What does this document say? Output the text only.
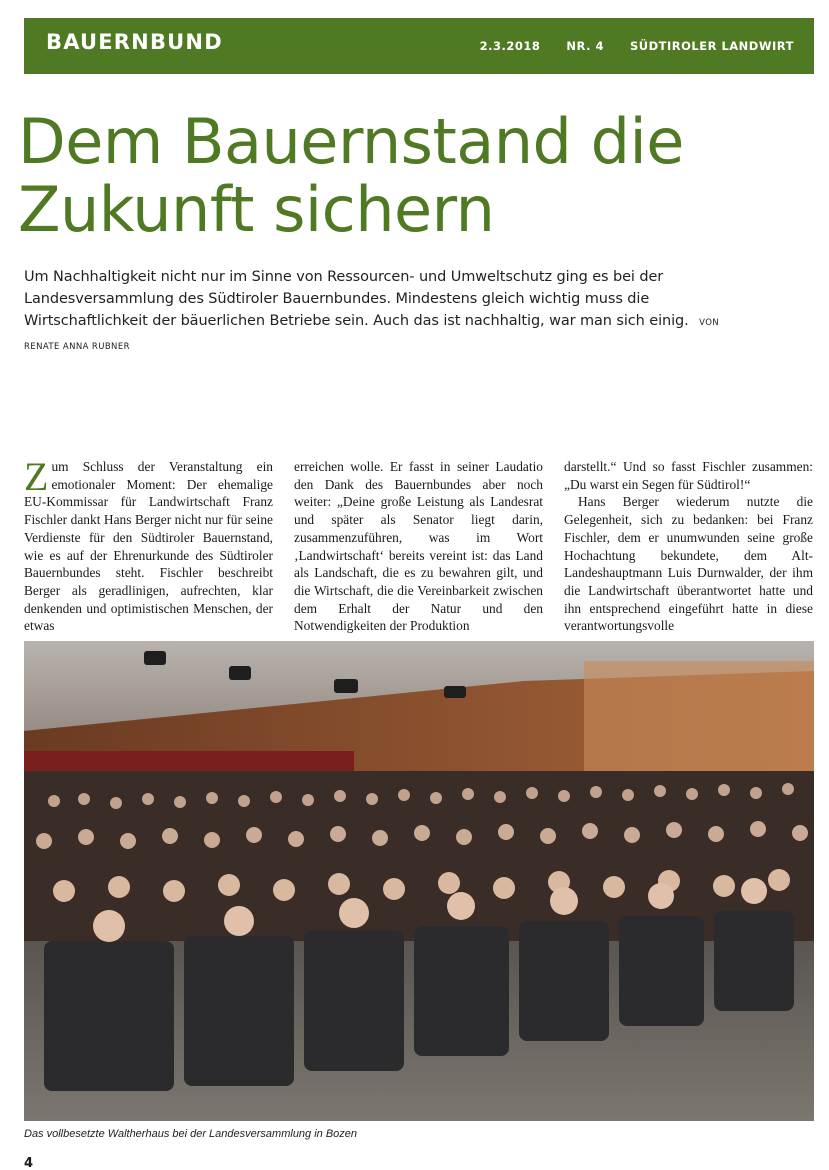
BAUERNBUND	2.3.2018 NR. 4 SÜDTIROLER LANDWIRT
Dem Bauernstand die
Zukunft sichern

Um Nachhaltigkeit nicht nur im Sinne von Ressourcen- und Umweltschutz ging es bei der Landesversammlung des Südtiroler Bauernbundes. Mindestens gleich wichtig muss die Wirtschaftlichkeit der bäuerlichen Betriebe sein. Auch das ist nachhaltig, war man sich einig. VON RENATE ANNA RUBNER

Z um Schluss der Veranstaltung ein emotionaler Moment: Der ehemalige EU-Kommissar für Landwirtschaft Franz Fischler dankt Hans Berger nicht nur für seine Verdienste für den Südtiroler Bauernstand, wie es auf der Ehrenurkunde des Südtiroler Bauernbundes steht. Fischler beschreibt Berger als geradlinigen, aufrechten, klar denkenden und optimistischen Menschen, der etwas
erreichen wolle. Er fasst in seiner Laudatio den Dank des Bauernbundes aber noch weiter: „Deine große Leistung als Landesrat und später als Senator liegt darin, zusammenzuführen, was im Wort ‚Landwirtschaft‘ bereits vereint ist: das Land als Landschaft, die es zu bewahren gilt, und die Wirtschaft, die die Vereinbarkeit zwischen dem Erhalt der Natur und den Notwendigkeiten der Produktion
darstellt.“ Und so fasst Fischler zusammen: „Du warst ein Segen für Südtirol!“
Hans Berger wiederum nutzte die Gelegenheit, sich zu bedanken: bei Franz Fischler, dem er unumwunden seine große Hochachtung bekundete, dem Alt-Landeshauptmann Luis Durnwalder, der ihm die Landwirtschaft überantwortet hatte und ihn entsprechend eingeführt hatte in diese verantwortungsvolle
Das vollbesetzte Waltherhaus bei der Landesversammlung in Bozen
4
